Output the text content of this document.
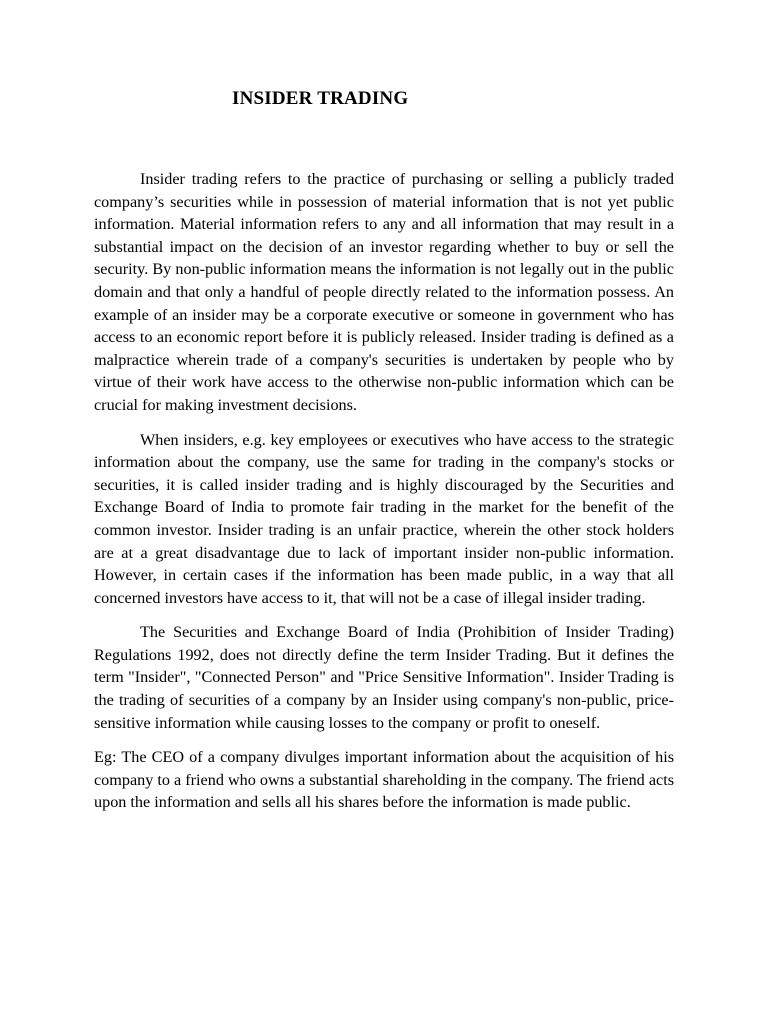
INSIDER TRADING

Insider trading refers to the practice of purchasing or selling a publicly traded company’s securities while in possession of material information that is not yet public information. Material information refers to any and all information that may result in a substantial impact on the decision of an investor regarding whether to buy or sell the security. By non-public information means the information is not legally out in the public domain and that only a handful of people directly related to the information possess. An example of an insider may be a corporate executive or someone in government who has access to an economic report before it is publicly released. Insider trading is defined as a malpractice wherein trade of a company's securities is undertaken by people who by virtue of their work have access to the otherwise non-public information which can be crucial for making investment decisions.

When insiders, e.g. key employees or executives who have access to the strategic information about the company, use the same for trading in the company's stocks or securities, it is called insider trading and is highly discouraged by the Securities and Exchange Board of India to promote fair trading in the market for the benefit of the common investor. Insider trading is an unfair practice, wherein the other stock holders are at a great disadvantage due to lack of important insider non-public information. However, in certain cases if the information has been made public, in a way that all concerned investors have access to it, that will not be a case of illegal insider trading.

The Securities and Exchange Board of India (Prohibition of Insider Trading) Regulations 1992, does not directly define the term Insider Trading. But it defines the term "Insider", "Connected Person" and "Price Sensitive Information". Insider Trading is the trading of securities of a company by an Insider using company's non-public, price-sensitive information while causing losses to the company or profit to oneself.

Eg: The CEO of a company divulges important information about the acquisition of his company to a friend who owns a substantial shareholding in the company. The friend acts upon the information and sells all his shares before the information is made public.
